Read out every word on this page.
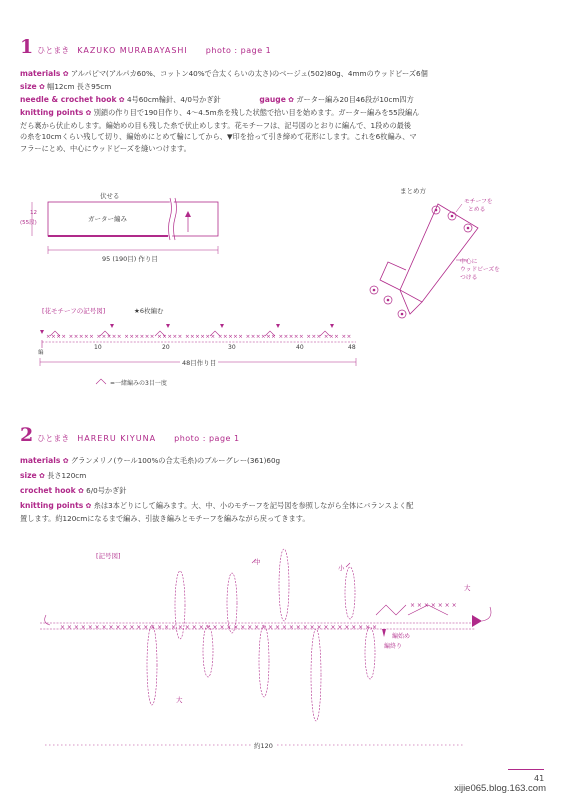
1 ひとまき KAZUKO MURABAYASHI photo : page 1
materials ✿ アルパピマ(アルパカ60%、コットン40%で合太くらいの太さ)のベージュ(502)80g、4mmのウッドビーズ6個
size ✿ 幅12cm 長さ95cm
needle & crochet hook ✿ 4号60cm輪針、4/0号かぎ針	gauge ✿ ガーター編み20目46段が10cm四方
knitting points ✿ 別鎖の作り目で190目作り、4〜4.5m糸を残した状態で拾い目を始めます。ガーター編みを55段編ん
だら裏から伏止めします。編始めの目も残した糸で伏止めします。花モチーフは、記号図のとおりに編んで、1段めの最後
の糸を10cmくらい残して切り、編始めにとめて輪にしてから、▼印を拾って引き締めて花形にします。これを6枚編み、マ
フラーにとめ、中心にウッドビーズを縫いつけます。
伏せる
ガーター編み
12
(55段)
95 (190目) 作り目
まとめ方
モチーフを
とめる
中心に
ウッドビーズを
つける
[花モチーフの記号図]	★6枚編む
×××× ××××× ××××× ×××××× ××××× ×××××× ××××× ×××××× ××××× ××× ××× ××
編
10	20	30	40	48
48目作り目
=一緒編みの3目一度
2 ひとまき HARERU KIYUNA photo : page 1
materials ✿ グランメリノ(ウール100%の合太毛糸)のブルーグレー(361)60g
size ✿ 長さ120cm
crochet hook ✿ 6/0号かぎ針
knitting points ✿ 糸は3本どりにして編みます。大、中、小のモチーフを記号図を参照しながら全体にバランスよく配
置します。約120cmになるまで編み、引抜き編みとモチーフを編みながら戻ってきます。
[記号図]
× × × × × × × × × × × × × × × × × × × × × × × × × × × × × × × × × × × × × × × × × × × × × ×
× × × × × × ×
中
小
大
大
編始め
編終り
約120
41
xijie065.blog.163.com
